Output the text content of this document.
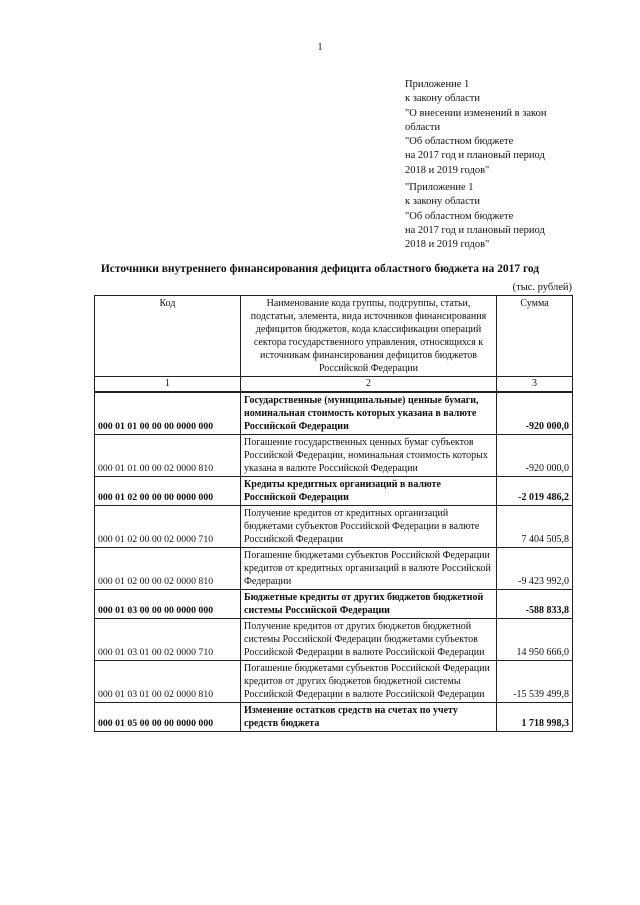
1
Приложение 1
к закону области
"О внесении изменений в закон
области
"Об областном бюджете
на 2017 год и плановый период
2018 и 2019 годов"
"Приложение 1
к закону области
"Об областном бюджете
на 2017 год и плановый период
2018 и 2019 годов"
Источники внутреннего финансирования дефицита областного бюджета на 2017 год
(тыс. рублей)
Код	Наименование кода группы, подгруппы, статьи, подстатьи, элемента, вида источников финансирования дефицитов бюджетов, кода классификации операций сектора государственного управления, относящихся к источникам финансирования дефицитов бюджетов Российской Федерации	Сумма
1	2	3
000 01 01 00 00 00 0000 000	Государственные (муниципальные) ценные бумаги, номинальная стоимость которых указана в валюте Российской Федерации	-920 000,0
000 01 01 00 00 02 0000 810	Погашение государственных ценных бумаг субъектов Российской Федерации, номинальная стоимость которых указана в валюте Российской Федерации	-920 000,0
000 01 02 00 00 00 0000 000	Кредиты кредитных организаций в валюте Российской Федерации	-2 019 486,2
000 01 02 00 00 02 0000 710	Получение кредитов от кредитных организаций бюджетами субъектов Российской Федерации в валюте Российской Федерации	7 404 505,8
000 01 02 00 00 02 0000 810	Погашение бюджетами субъектов Российской Федерации кредитов от кредитных организаций в валюте Российской Федерации	-9 423 992,0
000 01 03 00 00 00 0000 000	Бюджетные кредиты от других бюджетов бюджетной системы Российской Федерации	-588 833,8
000 01 03 01 00 02 0000 710	Получение кредитов от других бюджетов бюджетной системы Российской Федерации бюджетами субъектов Российской Федерации в валюте Российской Федерации	14 950 666,0
000 01 03 01 00 02 0000 810	Погашение бюджетами субъектов Российской Федерации кредитов от других бюджетов бюджетной системы Российской Федерации в валюте Российской Федерации	-15 539 499,8
000 01 05 00 00 00 0000 000	Изменение остатков средств на счетах по учету средств бюджета	1 718 998,3
